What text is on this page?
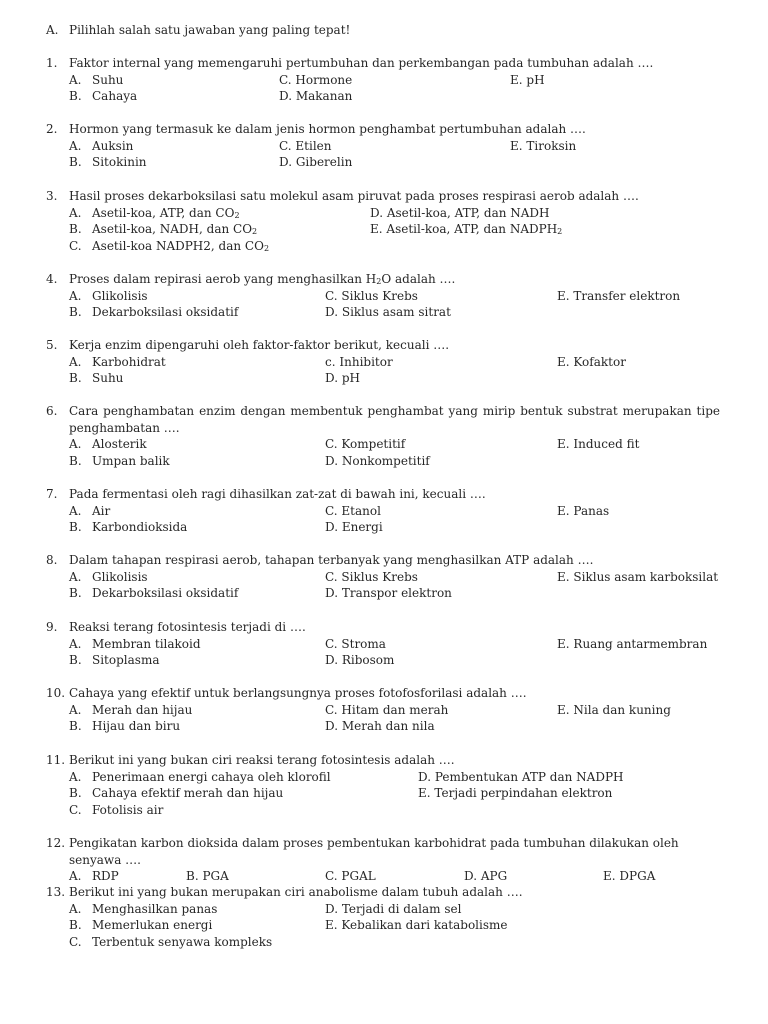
A. Pilihlah salah satu jawaban yang paling tepat!
1. Faktor internal yang memengaruhi pertumbuhan dan perkembangan pada tumbuhan adalah ….
A. Suhu	C. Hormone	E. pH
B. Cahaya	D. Makanan
2. Hormon yang termasuk ke dalam jenis hormon penghambat pertumbuhan adalah ….
A. Auksin	C. Etilen	E. Tiroksin
B. Sitokinin	D. Giberelin
3. Hasil proses dekarboksilasi satu molekul asam piruvat pada proses respirasi aerob adalah ….
A. Asetil-koa, ATP, dan $CO_2$	D. Asetil-koa, ATP, dan NADH
B. Asetil-koa, NADH, dan $CO_2$	E. Asetil-koa, ATP, dan $NADPH_2$
C. Asetil-koa NADPH2, dan $CO_2$
4. Proses dalam repirasi aerob yang menghasilkan $H_2O$ adalah ….
A. Glikolisis	C. Siklus Krebs	E. Transfer elektron
B. Dekarboksilasi oksidatif	D. Siklus asam sitrat
5. Kerja enzim dipengaruhi oleh faktor-faktor berikut, kecuali ….
A. Karbohidrat	c. Inhibitor	E. Kofaktor
B. Suhu	D. pH
6. Cara penghambatan enzim dengan membentuk penghambat yang mirip bentuk substrat merupakan tipe
penghambatan ….
A. Alosterik	C. Kompetitif	E. Induced fit
B. Umpan balik	D. Nonkompetitif
7. Pada fermentasi oleh ragi dihasilkan zat-zat di bawah ini, kecuali ….
A. Air	C. Etanol	E. Panas
B. Karbondioksida	D. Energi
8. Dalam tahapan respirasi aerob, tahapan terbanyak yang menghasilkan ATP adalah ….
A. Glikolisis	C. Siklus Krebs	E. Siklus asam karboksilat
B. Dekarboksilasi oksidatif	D. Transpor elektron
9. Reaksi terang fotosintesis terjadi di ….
A. Membran tilakoid	C. Stroma	E. Ruang antarmembran
B. Sitoplasma	D. Ribosom
10. Cahaya yang efektif untuk berlangsungnya proses fotofosforilasi adalah ….
A. Merah dan hijau	C. Hitam dan merah	E. Nila dan kuning
B. Hijau dan biru	D. Merah dan nila
11. Berikut ini yang bukan ciri reaksi terang fotosintesis adalah ….
A. Penerimaan energi cahaya oleh klorofil	D. Pembentukan ATP dan NADPH
B. Cahaya efektif merah dan hijau	E. Terjadi perpindahan elektron
C. Fotolisis air
12. Pengikatan karbon dioksida dalam proses pembentukan karbohidrat pada tumbuhan dilakukan oleh senyawa ….
A. RDP	B. PGA	C. PGAL	D. APG	E. DPGA
13. Berikut ini yang bukan merupakan ciri anabolisme dalam tubuh adalah ….
A. Menghasilkan panas	D. Terjadi di dalam sel
B. Memerlukan energi	E. Kebalikan dari katabolisme
C. Terbentuk senyawa kompleks
